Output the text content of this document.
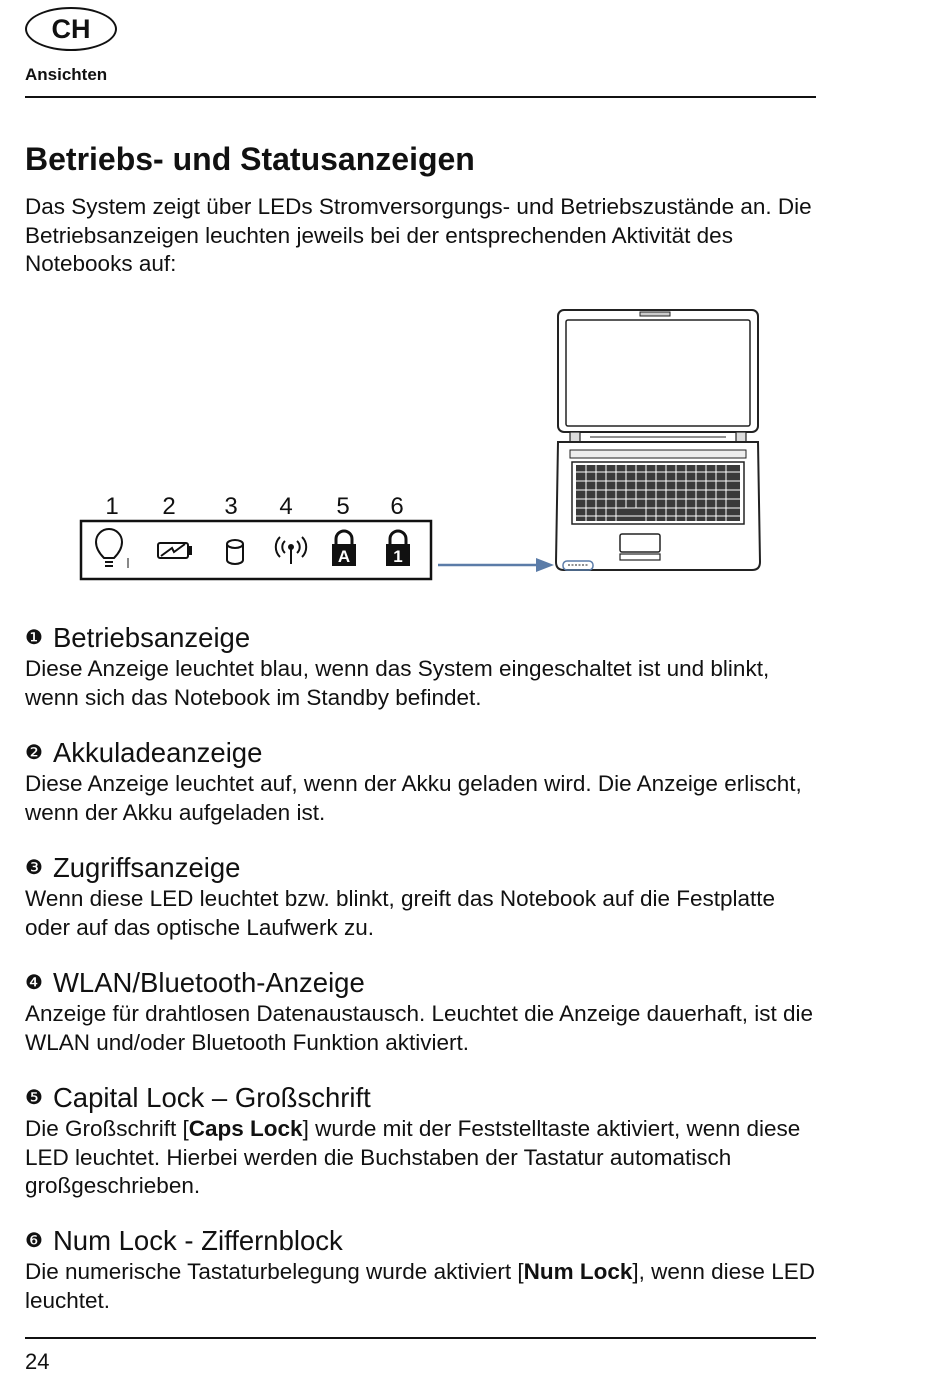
CH
Ansichten
Betriebs- und Statusanzeigen

Das System zeigt über LEDs Stromversorgungs- und Betriebszustände an. Die Betriebsanzeigen leuchten jeweils bei der entsprechenden Aktivität des Notebooks auf:

1 2 3 4 5 6
A	1
❶ Betriebsanzeige

Diese Anzeige leuchtet blau, wenn das System eingeschaltet ist und blinkt, wenn sich das Notebook im Standby befindet.

❷ Akkuladeanzeige

Diese Anzeige leuchtet auf, wenn der Akku geladen wird. Die Anzeige erlischt, wenn der Akku aufgeladen ist.

❸ Zugriffsanzeige

Wenn diese LED leuchtet bzw. blinkt, greift das Notebook auf die Festplatte oder auf das optische Laufwerk zu.

❹ WLAN/Bluetooth-Anzeige

Anzeige für drahtlosen Datenaustausch. Leuchtet die Anzeige dauerhaft, ist die WLAN und/oder Bluetooth Funktion aktiviert.

❺ Capital Lock – Großschrift

Die Großschrift [Caps Lock] wurde mit der Feststelltaste aktiviert, wenn diese LED leuchtet. Hierbei werden die Buchstaben der Tastatur automatisch großgeschrieben.

❻ Num Lock - Ziffernblock

Die numerische Tastaturbelegung wurde aktiviert [Num Lock], wenn diese LED leuchtet.

24
